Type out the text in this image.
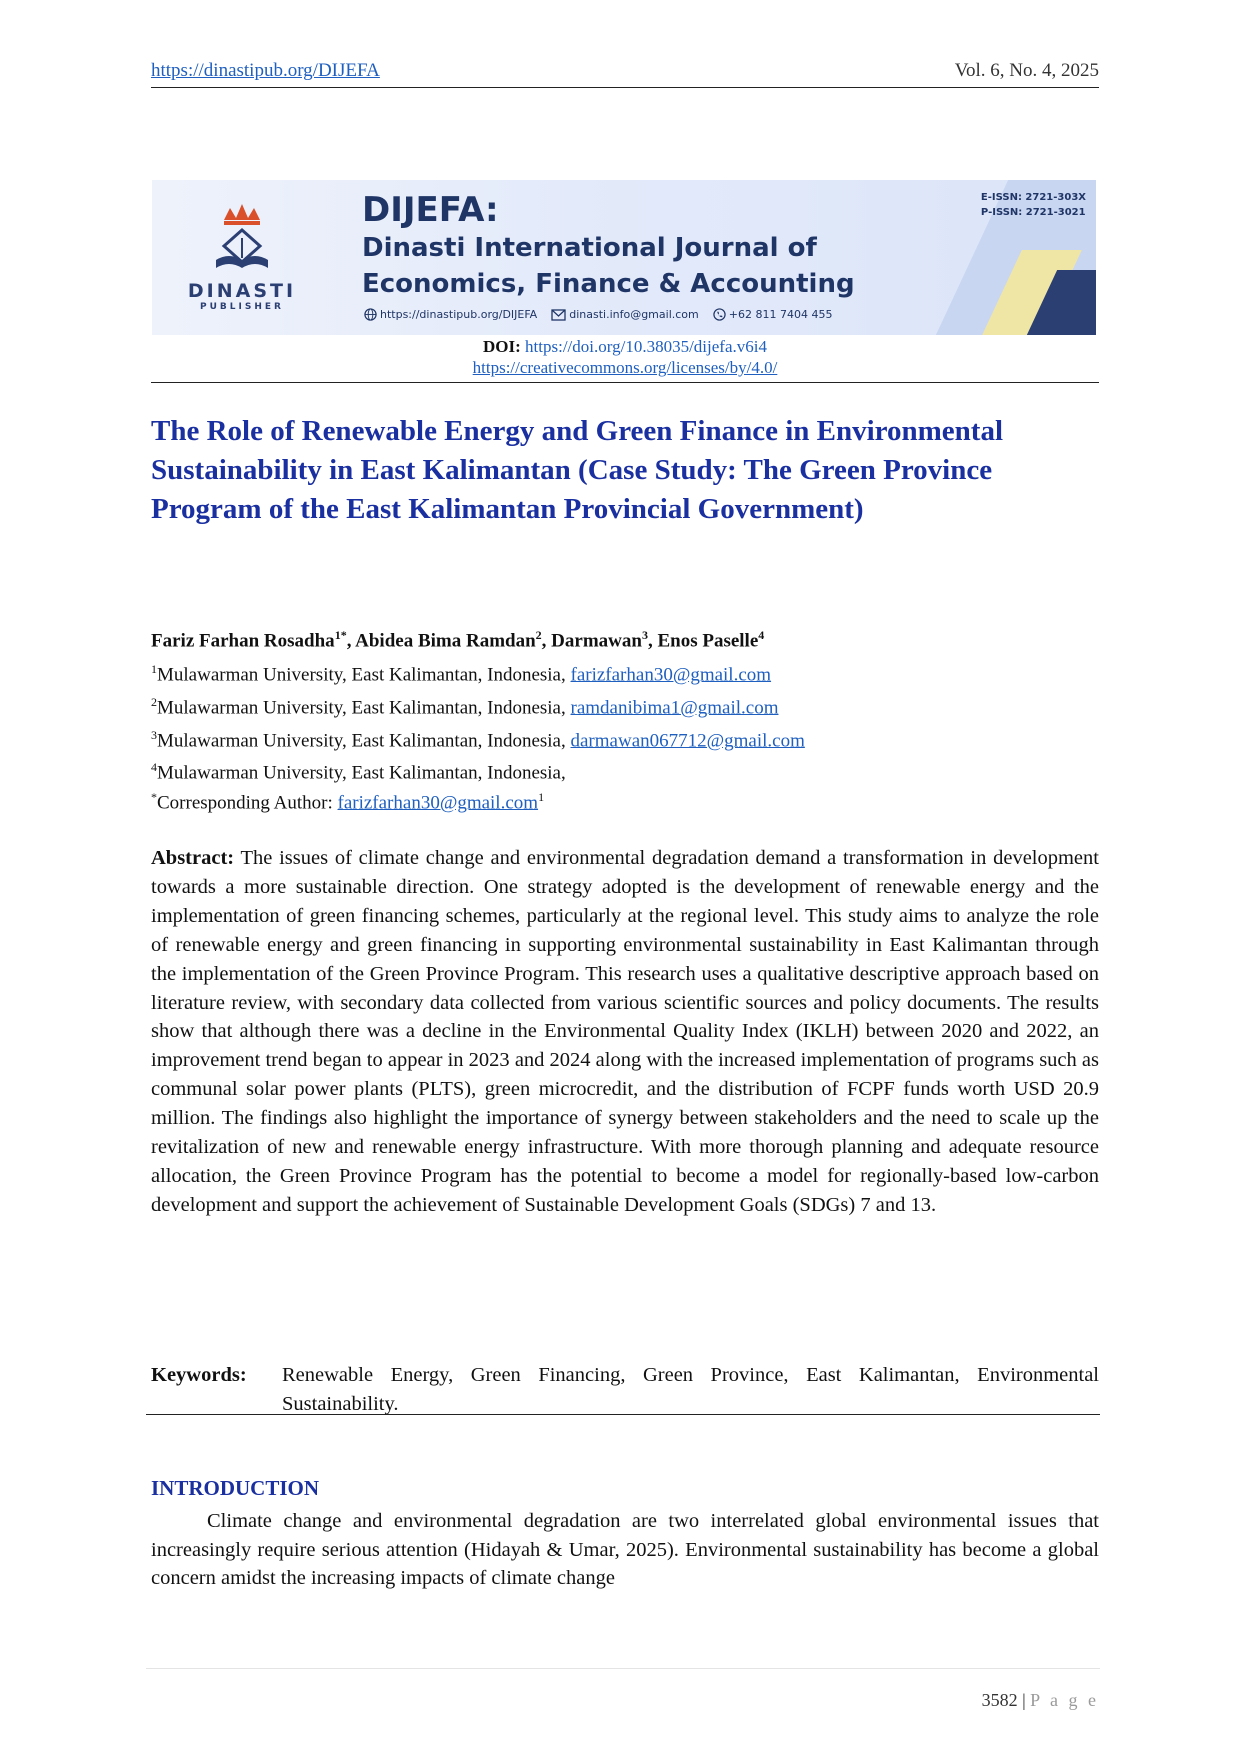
https://dinastipub.org/DIJEFA	Vol. 6, No. 4, 2025
DINASTI
PUBLISHER
DIJEFA:
Dinasti International Journal of
Economics, Finance & Accounting
https://dinastipub.org/DIJEFA	dinasti.info@gmail.com	+62 811 7404 455
E-ISSN: 2721-303X
P-ISSN: 2721-3021
DOI: https://doi.org/10.38035/dijefa.v6i4
https://creativecommons.org/licenses/by/4.0/
The Role of Renewable Energy and Green Finance in Environmental Sustainability in East Kalimantan (Case Study: The Green Province Program of the East Kalimantan Provincial Government)
Fariz Farhan Rosadha$^{1*}$, Abidea Bima Ramdan$^2$, Darmawan$^3$, Enos Paselle$^4$
$^1$Mulawarman University, East Kalimantan, Indonesia, farizfarhan30@gmail.com
$^2$Mulawarman University, East Kalimantan, Indonesia, ramdanibima1@gmail.com
$^3$Mulawarman University, East Kalimantan, Indonesia, darmawan067712@gmail.com
$^4$Mulawarman University, East Kalimantan, Indonesia,
*Corresponding Author: farizfarhan30@gmail.com$^1$

Abstract: The issues of climate change and environmental degradation demand a transformation in development towards a more sustainable direction. One strategy adopted is the development of renewable energy and the implementation of green financing schemes, particularly at the regional level. This study aims to analyze the role of renewable energy and green financing in supporting environmental sustainability in East Kalimantan through the implementation of the Green Province Program. This research uses a qualitative descriptive approach based on literature review, with secondary data collected from various scientific sources and policy documents. The results show that although there was a decline in the Environmental Quality Index (IKLH) between 2020 and 2022, an improvement trend began to appear in 2023 and 2024 along with the increased implementation of programs such as communal solar power plants (PLTS), green microcredit, and the distribution of FCPF funds worth USD 20.9 million. The findings also highlight the importance of synergy between stakeholders and the need to scale up the revitalization of new and renewable energy infrastructure. With more thorough planning and adequate resource allocation, the Green Province Program has the potential to become a model for regionally-based low-carbon development and support the achievement of Sustainable Development Goals (SDGs) 7 and 13.

Keywords:	Renewable Energy, Green Financing, Green Province, East Kalimantan, Environmental Sustainability.
INTRODUCTION

Climate change and environmental degradation are two interrelated global environmental issues that increasingly require serious attention (Hidayah & Umar, 2025). Environmental sustainability has become a global concern amidst the increasing impacts of climate change

3582 | P a g e
